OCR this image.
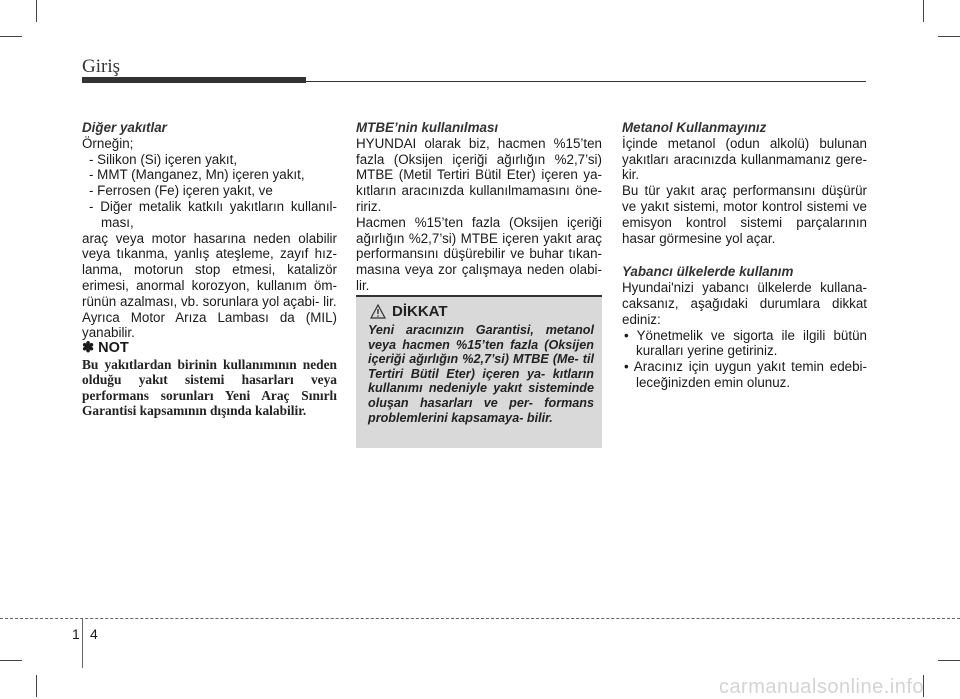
Giriş

Diğer yakıtlar

Örneğin;

- Silikon (Si) içeren yakıt,

- MMT (Manganez, Mn) içeren yakıt,

- Ferrosen (Fe) içeren yakıt, ve

- Diğer metalik katkılı yakıtların kullanıl- ması,

araç veya motor hasarına neden olabilir veya tıkanma, yanlış ateşleme, zayıf hız- lanma, motorun stop etmesi, katalizör erimesi, anormal korozyon, kullanım öm- rünün azalması, vb. sorunlara yol açabi- lir.

Ayrıca Motor Arıza Lambası da (MIL) yanabilir.

✽ NOT

Bu yakıtlardan birinin kullanımının neden olduğu yakıt sistemi hasarları veya performans sorunları Yeni Araç Sınırlı Garantisi kapsamının dışında kalabilir.

MTBE’nin kullanılması

HYUNDAI olarak biz, hacmen %15’ten fazla (Oksijen içeriği ağırlığın %2,7’si) MTBE (Metil Tertiri Bütil Eter) içeren ya- kıtların aracınızda kullanılmamasını öne- ririz.

Hacmen %15’ten fazla (Oksijen içeriği ağırlığın %2,7’si) MTBE içeren yakıt araç performansını düşürebilir ve buhar tıkan- masına veya zor çalışmaya neden olabi- lir.

DİKKAT
Yeni aracınızın Garantisi, metanol veya hacmen %15’ten fazla (Oksijen içeriği ağırlığın %2,7’si) MTBE (Me- til Tertiri Bütil Eter) içeren ya- kıtların kullanımı nedeniyle yakıt sisteminde oluşan hasarları ve per- formans problemlerini kapsamaya- bilir.

Metanol Kullanmayınız

İçinde metanol (odun alkolü) bulunan yakıtları aracınızda kullanmamanız gere- kir.

Bu tür yakıt araç performansını düşürür ve yakıt sistemi, motor kontrol sistemi ve emisyon kontrol sistemi parçalarının hasar görmesine yol açar.

Yabancı ülkelerde kullanım

Hyundai'nizi yabancı ülkelerde kullana- caksanız, aşağıdaki durumlara dikkat ediniz:

• Yönetmelik ve sigorta ile ilgili bütün kuralları yerine getiriniz.

• Aracınız için uygun yakıt temin edebi- leceğinizden emin olunuz.

1 4
carmanualsonline.info
